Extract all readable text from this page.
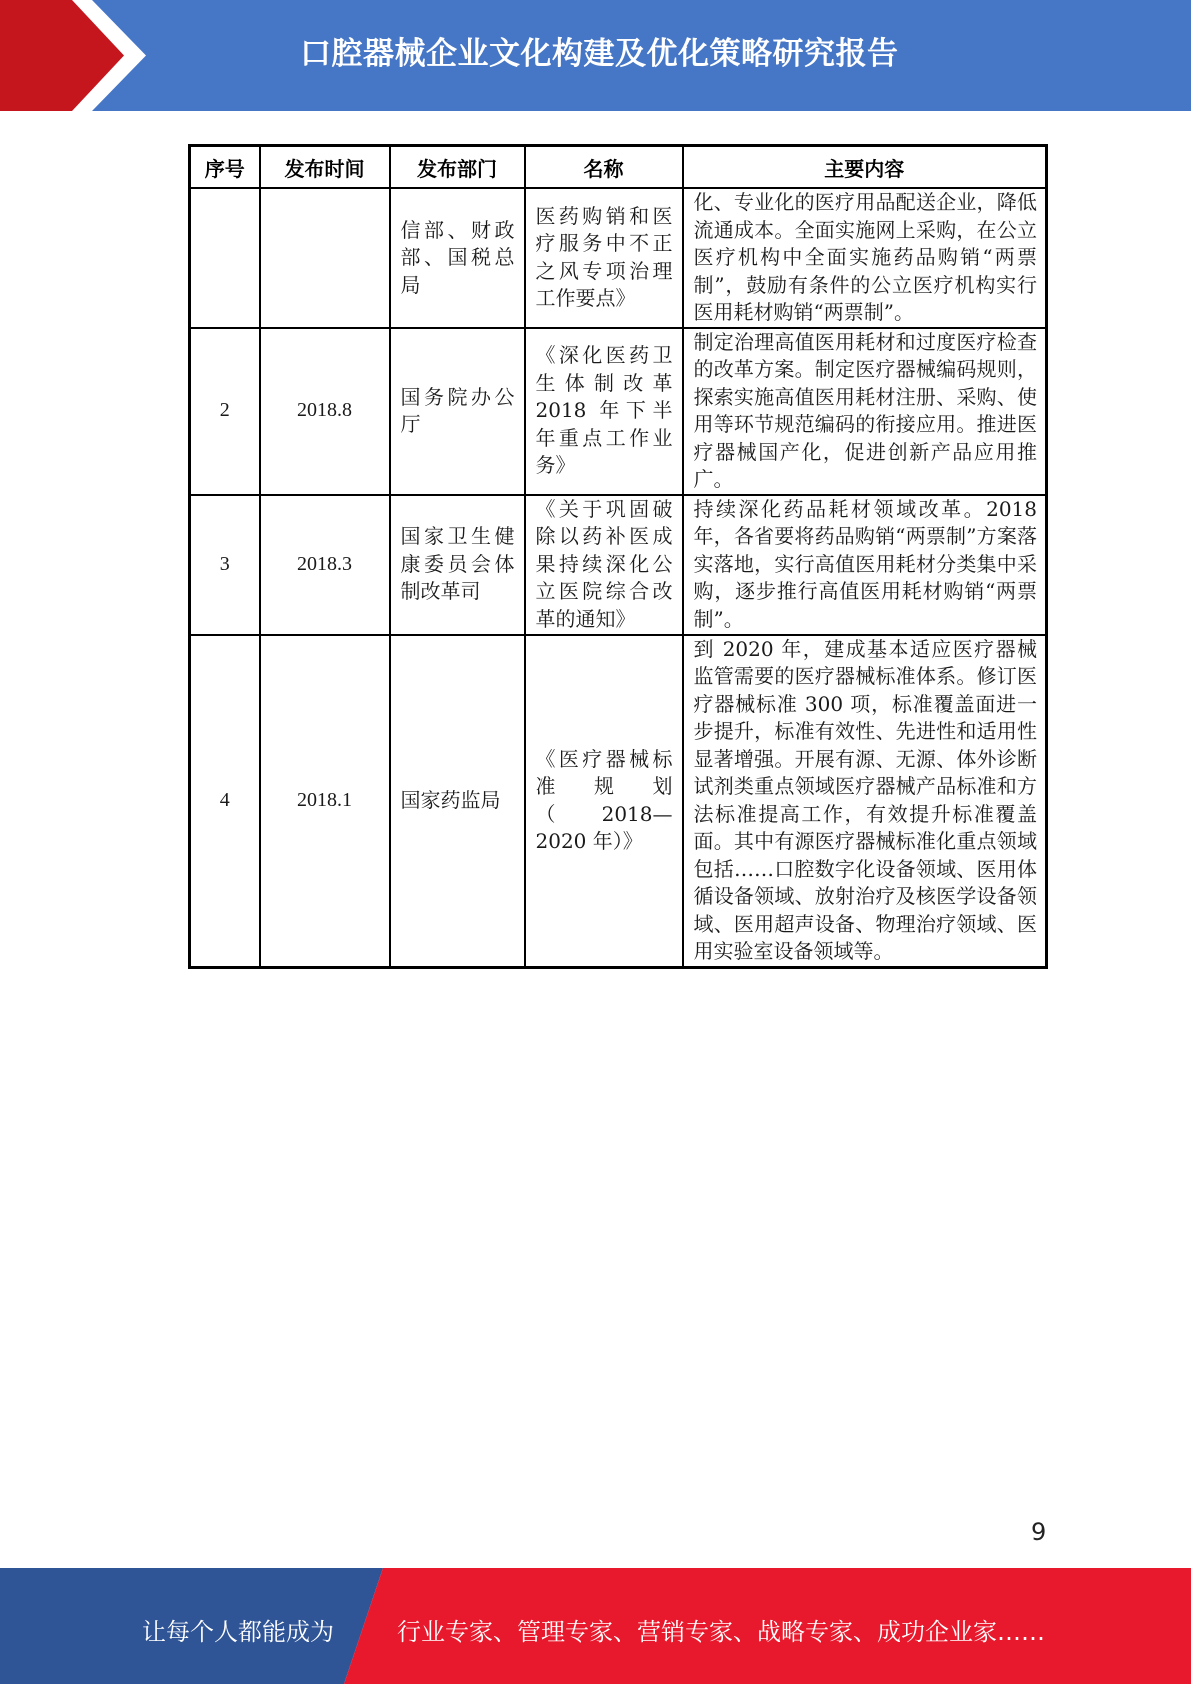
口腔器械企业文化构建及优化策略研究报告
序号	发布时间	发布部门	名称	主要内容

		信部、财政部、国税总局	医药购销和医疗服务中不正之风专项治理工作要点》	化、专业化的医疗用品配送企业，降低流通成本。全面实施网上采购，在公立医疗机构中全面实施药品购销“两票制”，鼓励有条件的公立医疗机构实行医用耗材购销“两票制”。

2	2018.8	国务院办公厅	《深化医药卫生体制改革2018 年下半年重点工作业务》	制定治理高值医用耗材和过度医疗检查的改革方案。制定医疗器械编码规则，探索实施高值医用耗材注册、采购、使用等环节规范编码的衔接应用。推进医疗器械国产化，促进创新产品应用推广。

3	2018.3	国家卫生健康委员会体制改革司	《关于巩固破除以药补医成果持续深化公立医院综合改革的通知》	持续深化药品耗材领域改革。2018 年，各省要将药品购销“两票制”方案落实落地，实行高值医用耗材分类集中采购，逐步推行高值医用耗材购销“两票制”。

4	2018.1	国家药监局	《医疗器械标准 规 划（2018—2020 年）》	到 2020 年，建成基本适应医疗器械监管需要的医疗器械标准体系。修订医疗器械标准 300 项，标准覆盖面进一步提升，标准有效性、先进性和适用性显著增强。开展有源、无源、体外诊断试剂类重点领域医疗器械产品标准和方法标准提高工作，有效提升标准覆盖面。其中有源医疗器械标准化重点领域包括……口腔数字化设备领域、医用体循设备领域、放射治疗及核医学设备领域、医用超声设备、物理治疗领域、医用实验室设备领域等。
9
让每个人都能成为	行业专家、管理专家、营销专家、战略专家、成功企业家……
